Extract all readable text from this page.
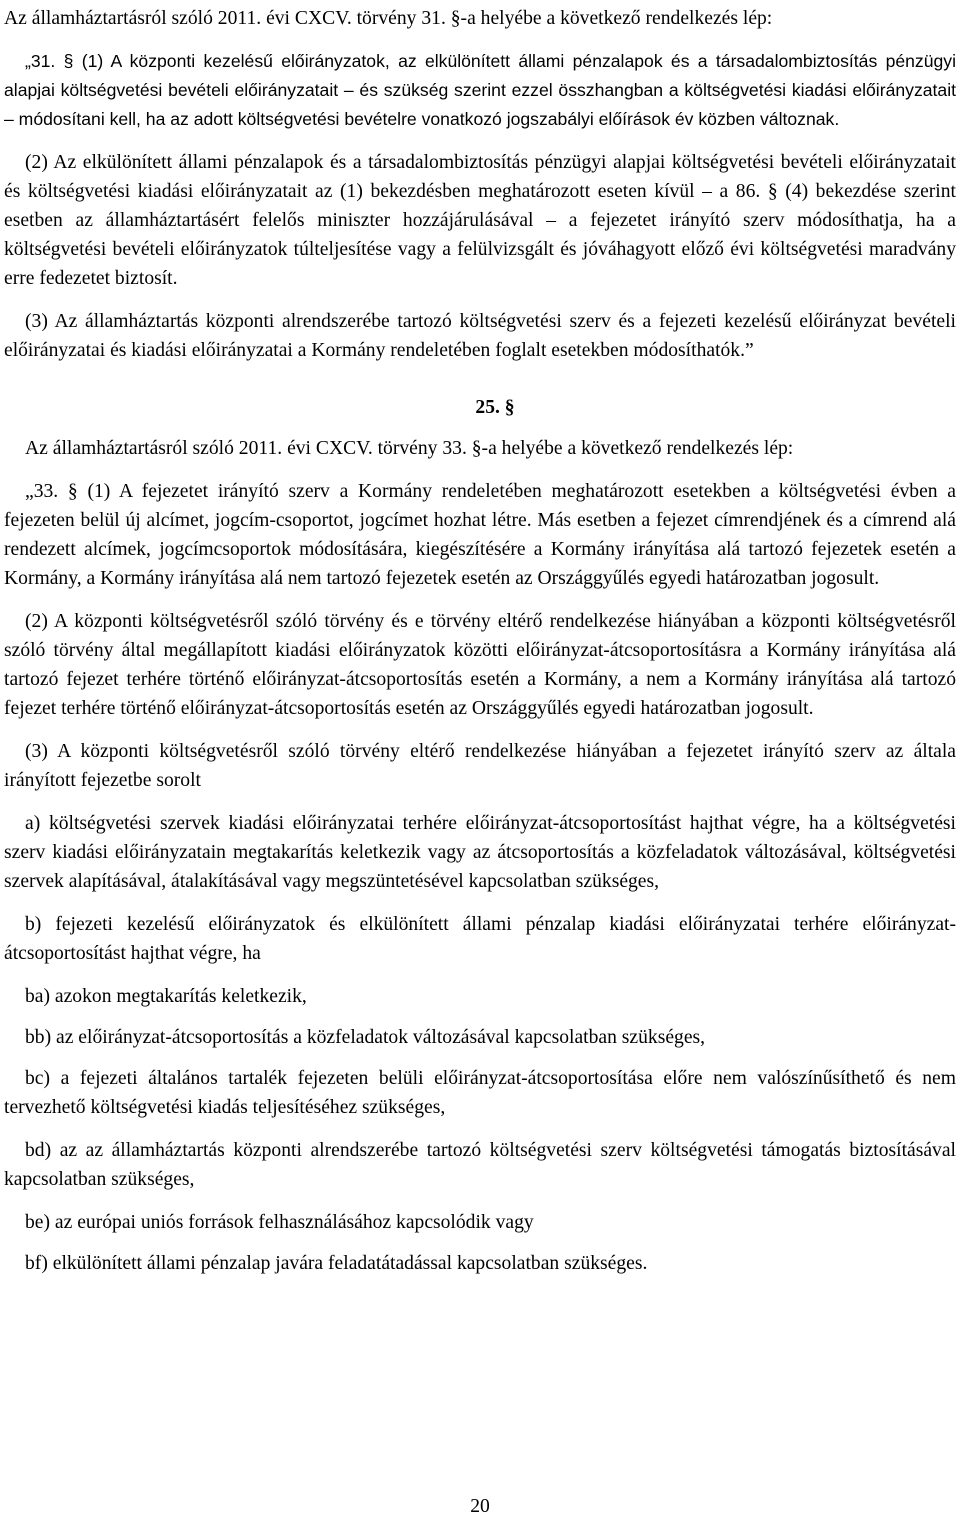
Az államháztartásról szóló 2011. évi CXCV. törvény 31. §-a helyébe a következő rendelkezés lép:

„31. § (1) A központi kezelésű előirányzatok, az elkülönített állami pénzalapok és a társadalombiztosítás pénzügyi alapjai költségvetési bevételi előirányzatait – és szükség szerint ezzel összhangban a költségvetési kiadási előirányzatait – módosítani kell, ha az adott költségvetési bevételre vonatkozó jogszabályi előírások év közben változnak.

(2) Az elkülönített állami pénzalapok és a társadalombiztosítás pénzügyi alapjai költségvetési bevételi előirányzatait és költségvetési kiadási előirányzatait az (1) bekezdésben meghatározott eseten kívül – a 86. § (4) bekezdése szerint esetben az államháztartásért felelős miniszter hozzájárulásával – a fejezetet irányító szerv módosíthatja, ha a költségvetési bevételi előirányzatok túlteljesítése vagy a felülvizsgált és jóváhagyott előző évi költségvetési maradvány erre fedezetet biztosít.

(3) Az államháztartás központi alrendszerébe tartozó költségvetési szerv és a fejezeti kezelésű előirányzat bevételi előirányzatai és kiadási előirányzatai a Kormány rendeletében foglalt esetekben módosíthatók.”

25. §

Az államháztartásról szóló 2011. évi CXCV. törvény 33. §-a helyébe a következő rendelkezés lép:

„33. § (1) A fejezetet irányító szerv a Kormány rendeletében meghatározott esetekben a költségvetési évben a fejezeten belül új alcímet, jogcím-csoportot, jogcímet hozhat létre. Más esetben a fejezet címrendjének és a címrend alá rendezett alcímek, jogcímcsoportok módosítására, kiegészítésére a Kormány irányítása alá tartozó fejezetek esetén a Kormány, a Kormány irányítása alá nem tartozó fejezetek esetén az Országgyűlés egyedi határozatban jogosult.

(2) A központi költségvetésről szóló törvény és e törvény eltérő rendelkezése hiányában a központi költségvetésről szóló törvény által megállapított kiadási előirányzatok közötti előirányzat-átcsoportosításra a Kormány irányítása alá tartozó fejezet terhére történő előirányzat-átcsoportosítás esetén a Kormány, a nem a Kormány irányítása alá tartozó fejezet terhére történő előirányzat-átcsoportosítás esetén az Országgyűlés egyedi határozatban jogosult.

(3) A központi költségvetésről szóló törvény eltérő rendelkezése hiányában a fejezetet irányító szerv az általa irányított fejezetbe sorolt

a) költségvetési szervek kiadási előirányzatai terhére előirányzat-átcsoportosítást hajthat végre, ha a költségvetési szerv kiadási előirányzatain megtakarítás keletkezik vagy az átcsoportosítás a közfeladatok változásával, költségvetési szervek alapításával, átalakításával vagy megszüntetésével kapcsolatban szükséges,

b) fejezeti kezelésű előirányzatok és elkülönített állami pénzalap kiadási előirányzatai terhére előirányzat-átcsoportosítást hajthat végre, ha

ba) azokon megtakarítás keletkezik,

bb) az előirányzat-átcsoportosítás a közfeladatok változásával kapcsolatban szükséges,

bc) a fejezeti általános tartalék fejezeten belüli előirányzat-átcsoportosítása előre nem valószínűsíthető és nem tervezhető költségvetési kiadás teljesítéséhez szükséges,

bd) az az államháztartás központi alrendszerébe tartozó költségvetési szerv költségvetési támogatás biztosításával kapcsolatban szükséges,

be) az európai uniós források felhasználásához kapcsolódik vagy

bf) elkülönített állami pénzalap javára feladatátadással kapcsolatban szükséges.

20
